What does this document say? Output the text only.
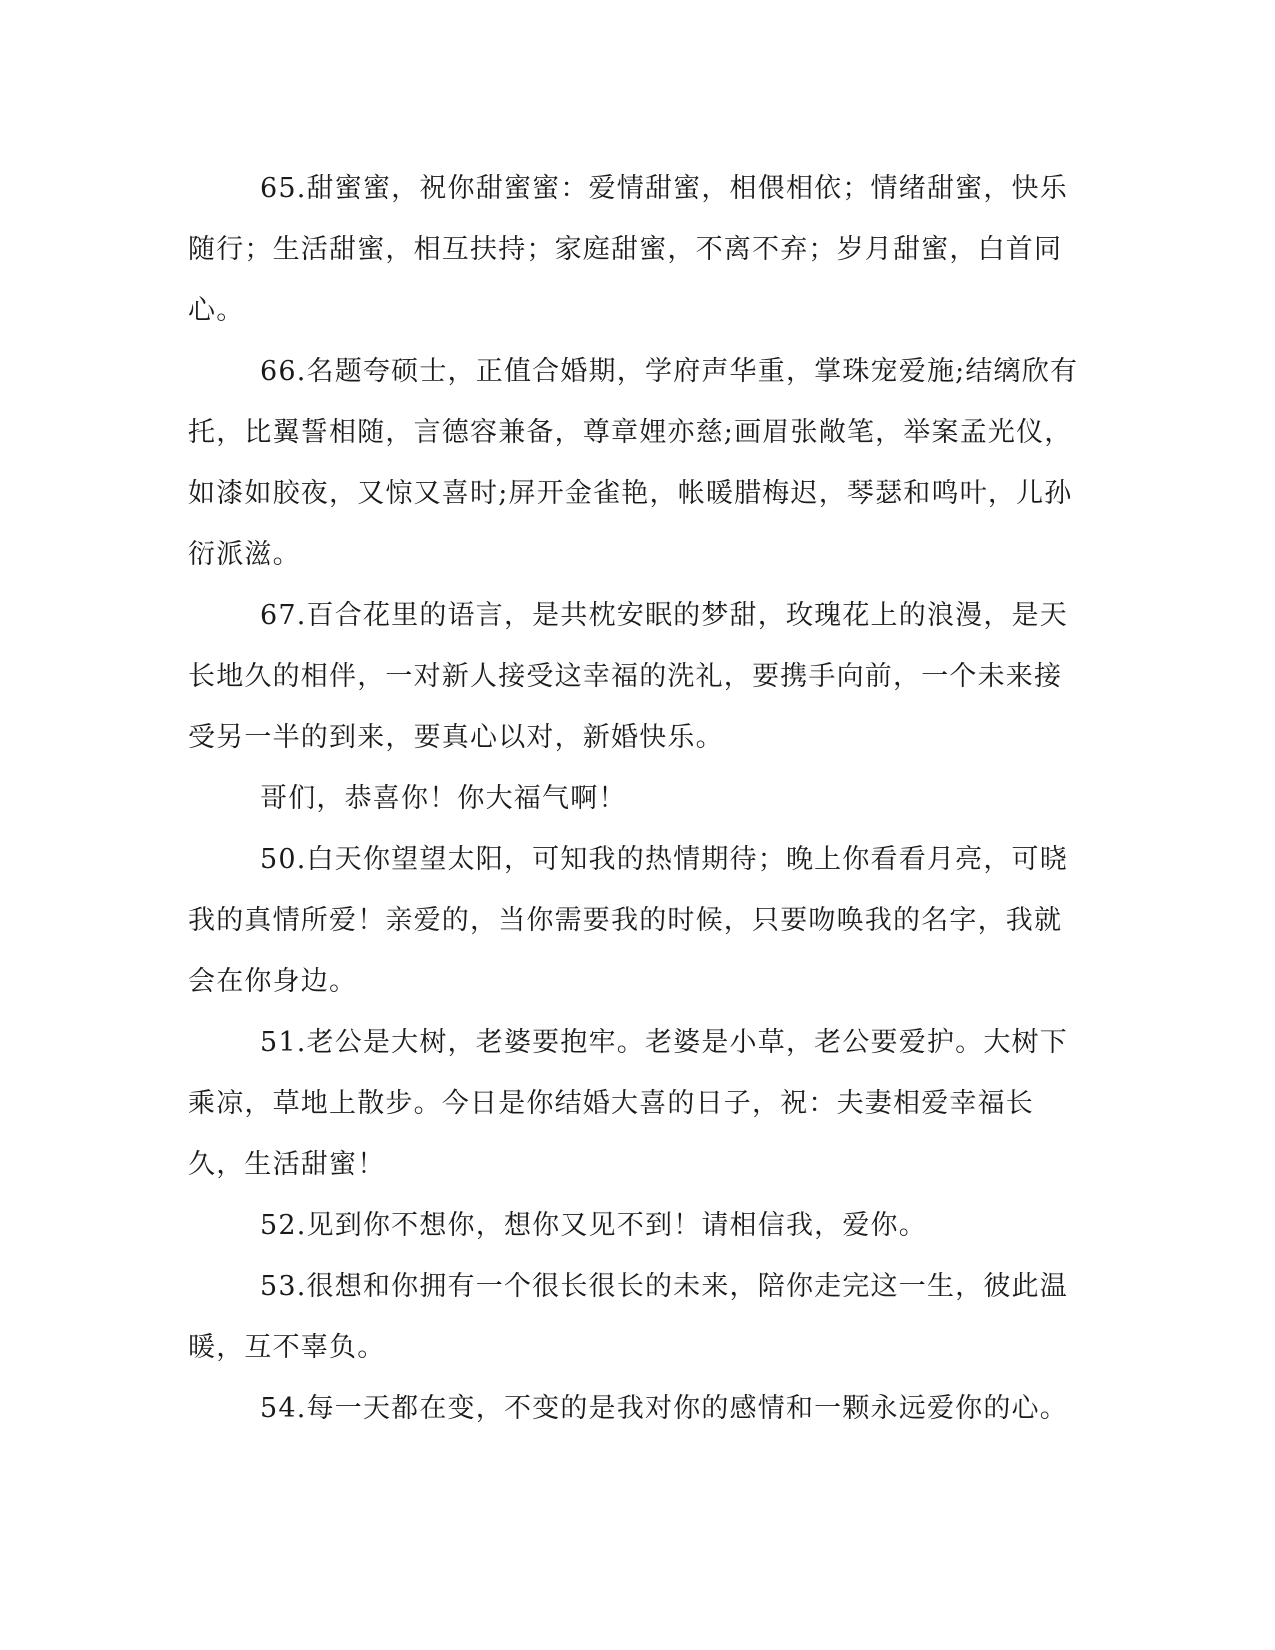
65.甜蜜蜜，祝你甜蜜蜜：爱情甜蜜，相偎相依；情绪甜蜜，快乐随行；生活甜蜜，相互扶持；家庭甜蜜，不离不弃；岁月甜蜜，白首同心。

66.名题夸硕士，正值合婚期，学府声华重，掌珠宠爱施;结缡欣有托，比翼誓相随，言德容兼备，尊章娌亦慈;画眉张敞笔，举案孟光仪，如漆如胶夜，又惊又喜时;屏开金雀艳，帐暖腊梅迟，琴瑟和鸣叶，儿孙衍派滋。

67.百合花里的语言，是共枕安眠的梦甜，玫瑰花上的浪漫，是天长地久的相伴，一对新人接受这幸福的洗礼，要携手向前，一个未来接受另一半的到来，要真心以对，新婚快乐。

哥们，恭喜你！你大福气啊！

50.白天你望望太阳，可知我的热情期待；晚上你看看月亮，可晓我的真情所爱！亲爱的，当你需要我的时候，只要吻唤我的名字，我就会在你身边。

51.老公是大树，老婆要抱牢。老婆是小草，老公要爱护。大树下乘凉，草地上散步。今日是你结婚大喜的日子，祝：夫妻相爱幸福长久，生活甜蜜！

52.见到你不想你，想你又见不到！请相信我，爱你。

53.很想和你拥有一个很长很长的未来，陪你走完这一生，彼此温暖，互不辜负。

54.每一天都在变，不变的是我对你的感情和一颗永远爱你的心。
